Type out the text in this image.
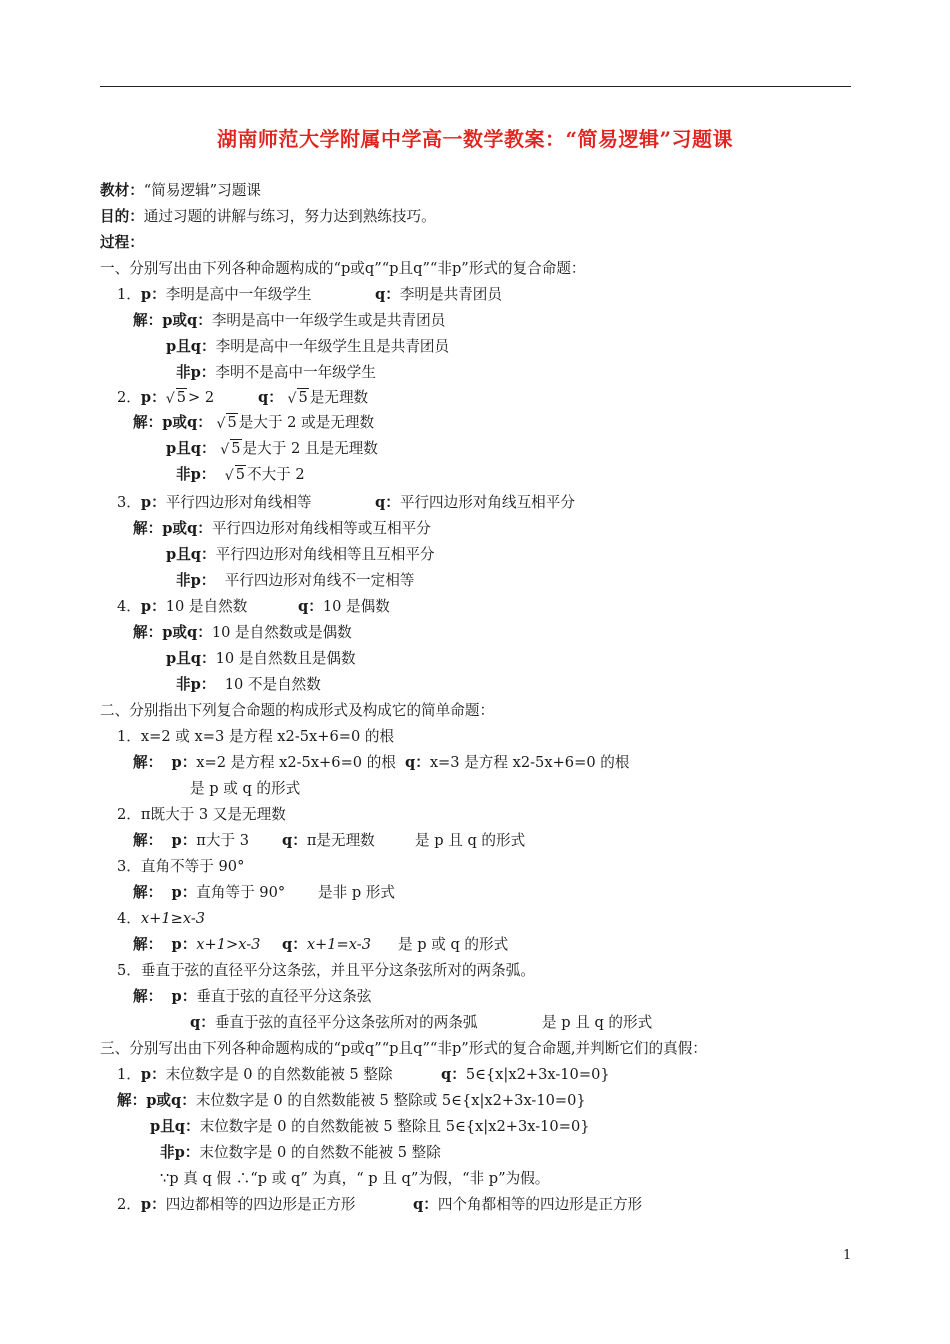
湖南师范大学附属中学高一数学教案：“简易逻辑”习题课
教材：“简易逻辑”习题课
目的：通过习题的讲解与练习，努力达到熟练技巧。
过程：
一、分别写出由下列各种命题构成的“p或q”“p且q”“非p”形式的复合命题：
1．p：李明是高中一年级学生	q：李明是共青团员
解：p或q：李明是高中一年级学生或是共青团员
p且q：李明是高中一年级学生且是共青团员
非p：李明不是高中一年级学生
2．p： √ 5 > 2	q： √ 5 是无理数
解：p或q： √ 5 是大于 2 或是无理数
p且q： √ 5 是大于 2 且是无理数
非p： √ 5 不大于 2
3．p：平行四边形对角线相等	q：平行四边形对角线互相平分
解：p或q：平行四边形对角线相等或互相平分
p且q：平行四边形对角线相等且互相平分
非p： 平行四边形对角线不一定相等
4．p：10 是自然数	q：10 是偶数
解：p或q：10 是自然数或是偶数
p且q：10 是自然数且是偶数
非p： 10 不是自然数
二、分别指出下列复合命题的构成形式及构成它的简单命题：
1．x=2 或 x=3 是方程 x2-5x+6=0 的根
解： p：x=2 是方程 x2-5x+6=0 的根 q：x=3 是方程 x2-5x+6=0 的根
是 p 或 q 的形式
2．π既大于 3 又是无理数
解： p：π大于 3 q：π是无理数	是 p 且 q 的形式
3．直角不等于 90°
解： p：直角等于 90° 是非 p 形式
4．x+1≥x-3
解： p：x+1>x-3 q：x+1=x-3 是 p 或 q 的形式
5．垂直于弦的直径平分这条弦，并且平分这条弦所对的两条弧。
解： p：垂直于弦的直径平分这条弦
q：垂直于弦的直径平分这条弦所对的两条弧	是 p 且 q 的形式
三、分别写出由下列各种命题构成的“p或q”“p且q”“非p”形式的复合命题,并判断它们的真假：
1．p：末位数字是 0 的自然数能被 5 整除	q：5∈{x|x2+3x-10=0}
解：p或q：末位数字是 0 的自然数能被 5 整除或 5∈{x|x2+3x-10=0}
p且q：末位数字是 0 的自然数能被 5 整除且 5∈{x|x2+3x-10=0}
非p：末位数字是 0 的自然数不能被 5 整除
∵p 真 q 假 ∴“p 或 q” 为真，“ p 且 q”为假，“非 p”为假。
2．p：四边都相等的四边形是正方形	q：四个角都相等的四边形是正方形
1
